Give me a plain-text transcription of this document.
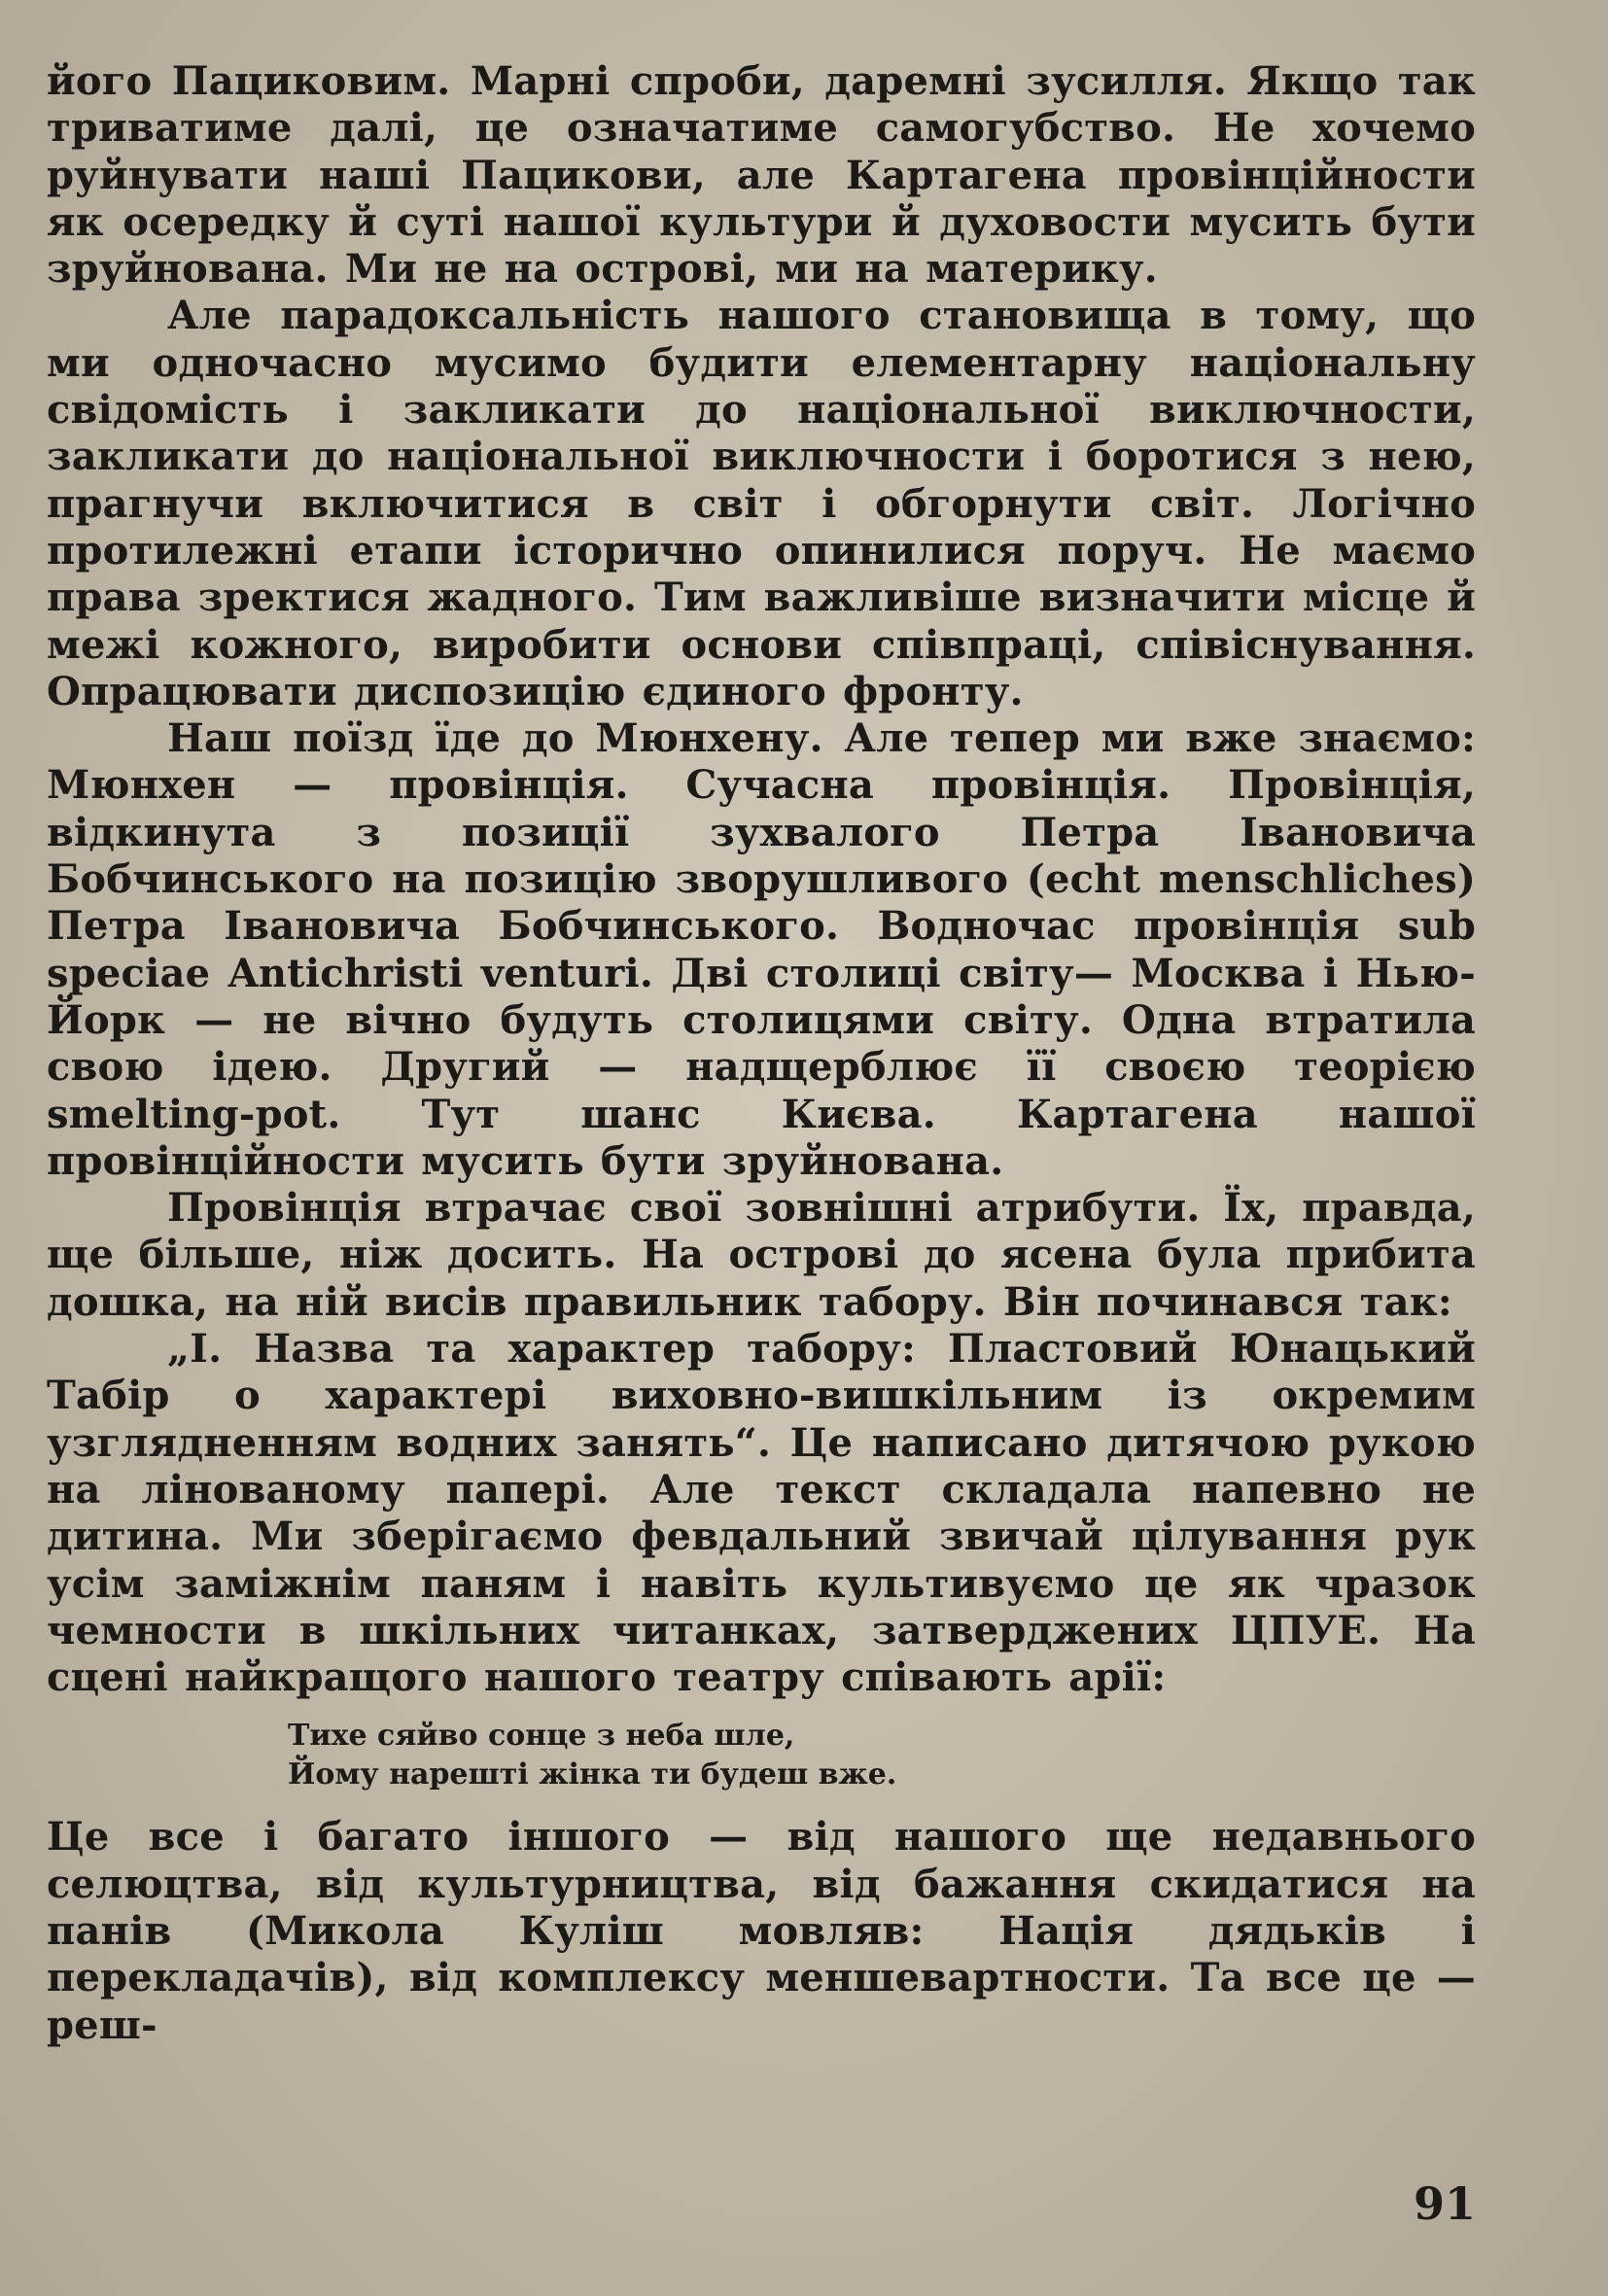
його Пациковим. Марні спроби, даремні зусилля. Якщо так триватиме далі, це означатиме самогубство. Не хочемо руйнувати наші Пацикови, але Картагена провінційности як осередку й суті нашої культури й духовости мусить бути зруйнована. Ми не на острові, ми на материку.

Але парадоксальність нашого становища в тому, що ми одночасно мусимо будити елементарну національну свідомість і закликати до національної виключности, закликати до національної виключности і боротися з нею, прагнучи включитися в світ і обгорнути світ. Логічно протилежні етапи історично опинилися поруч. Не маємо права зректися жадного. Тим важливіше визначити місце й межі кожного, виробити основи співпраці, співіснування. Опрацювати диспозицію єдиного фронту.

Наш поїзд їде до Мюнхену. Але тепер ми вже знаємо: Мюнхен — провінція. Сучасна провінція. Провінція, відкинута з позиції зухвалого Петра Івановича Бобчинського на позицію зворушливого (echt menschliches) Петра Івановича Бобчинського. Водночас провінція sub speciae Antichristi venturi. Дві столиці світу— Москва і Нью-Йорк — не вічно будуть столицями світу. Одна втратила свою ідею. Другий — надщерблює її своєю теорією smelting-pot. Тут шанс Києва. Картагена нашої провінційности мусить бути зруйнована.

Провінція втрачає свої зовнішні атрибути. Їх, правда, ще більше, ніж досить. На острові до ясена була прибита дошка, на ній висів правильник табору. Він починався так:

„І. Назва та характер табору: Пластовий Юнацький Табір о характері виховно-вишкільним із окремим узглядненням водних занять“. Це написано дитячою рукою на лінованому папері. Але текст складала напевно не дитина. Ми зберігаємо февдальний звичай цілування рук усім заміжнім паням і навіть культивуємо це як чразок чемности в шкільних читанках, затверджених ЦПУЕ. На сцені найкращого нашого театру співають арії:

Тихе сяйво сонце з неба шле,
Йому нарешті жінка ти будеш вже.

Це все і багато іншого — від нашого ще недавнього селюцтва, від культурництва, від бажання скидатися на панів (Микола Куліш мовляв: Нація дядьків і перекладачів), від комплексу меншевартности. Та все це — реш-

91
